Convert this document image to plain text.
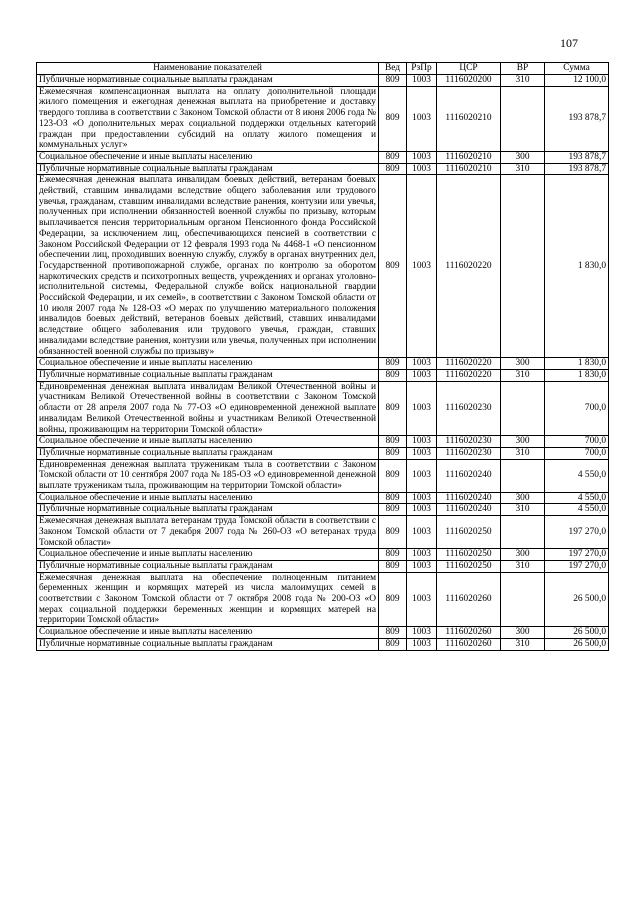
107
Наименование показателей	Вед	РзПр	ЦСР	ВР	Сумма
Публичные нормативные социальные выплаты гражданам	809	1003	1116020200	310	12 100,0
Ежемесячная компенсационная выплата на оплату дополнительной площади жилого помещения и ежегодная денежная выплата на приобретение и доставку твердого топлива в соответствии с Законом Томской области от 8 июня 2006 года № 123-ОЗ «О дополнительных мерах социальной поддержки отдельных категорий граждан при предоставлении субсидий на оплату жилого помещения и коммунальных услуг»	809	1003	1116020210		193 878,7
Социальное обеспечение и иные выплаты населению	809	1003	1116020210	300	193 878,7
Публичные нормативные социальные выплаты гражданам	809	1003	1116020210	310	193 878,7
Ежемесячная денежная выплата инвалидам боевых действий, ветеранам боевых действий, ставшим инвалидами вследствие общего заболевания или трудового увечья, гражданам, ставшим инвалидами вследствие ранения, контузии или увечья, полученных при исполнении обязанностей военной службы по призыву, которым выплачивается пенсия территориальным органом Пенсионного фонда Российской Федерации, за исключением лиц, обеспечивающихся пенсией в соответствии с Законом Российской Федерации от 12 февраля 1993 года № 4468-1 «О пенсионном обеспечении лиц, проходивших военную службу, службу в органах внутренних дел, Государственной противопожарной службе, органах по контролю за оборотом наркотических средств и психотропных веществ, учреждениях и органах уголовно-исполнительной системы, Федеральной службе войск национальной гвардии Российской Федерации, и их семей», в соответствии с Законом Томской области от 10 июля 2007 года № 128-ОЗ «О мерах по улучшению материального положения инвалидов боевых действий, ветеранов боевых действий, ставших инвалидами вследствие общего заболевания или трудового увечья, граждан, ставших инвалидами вследствие ранения, контузии или увечья, полученных при исполнении обязанностей военной службы по призыву»	809	1003	1116020220		1 830,0
Социальное обеспечение и иные выплаты населению	809	1003	1116020220	300	1 830,0
Публичные нормативные социальные выплаты гражданам	809	1003	1116020220	310	1 830,0
Единовременная денежная выплата инвалидам Великой Отечественной войны и участникам Великой Отечественной войны в соответствии с Законом Томской области от 28 апреля 2007 года № 77-ОЗ «О единовременной денежной выплате инвалидам Великой Отечественной войны и участникам Великой Отечественной войны, проживающим на территории Томской области»	809	1003	1116020230		700,0
Социальное обеспечение и иные выплаты населению	809	1003	1116020230	300	700,0
Публичные нормативные социальные выплаты гражданам	809	1003	1116020230	310	700,0
Единовременная денежная выплата труженикам тыла в соответствии с Законом Томской области от 10 сентября 2007 года № 185-ОЗ «О единовременной денежной выплате труженикам тыла, проживающим на территории Томской области»	809	1003	1116020240		4 550,0
Социальное обеспечение и иные выплаты населению	809	1003	1116020240	300	4 550,0
Публичные нормативные социальные выплаты гражданам	809	1003	1116020240	310	4 550,0
Ежемесячная денежная выплата ветеранам труда Томской области в соответствии с Законом Томской области от 7 декабря 2007 года № 260-ОЗ «О ветеранах труда Томской области»	809	1003	1116020250		197 270,0
Социальное обеспечение и иные выплаты населению	809	1003	1116020250	300	197 270,0
Публичные нормативные социальные выплаты гражданам	809	1003	1116020250	310	197 270,0
Ежемесячная денежная выплата на обеспечение полноценным питанием беременных женщин и кормящих матерей из числа малоимущих семей в соответствии с Законом Томской области от 7 октября 2008 года № 200-ОЗ «О мерах социальной поддержки беременных женщин и кормящих матерей на территории Томской области»	809	1003	1116020260		26 500,0
Социальное обеспечение и иные выплаты населению	809	1003	1116020260	300	26 500,0
Публичные нормативные социальные выплаты гражданам	809	1003	1116020260	310	26 500,0
